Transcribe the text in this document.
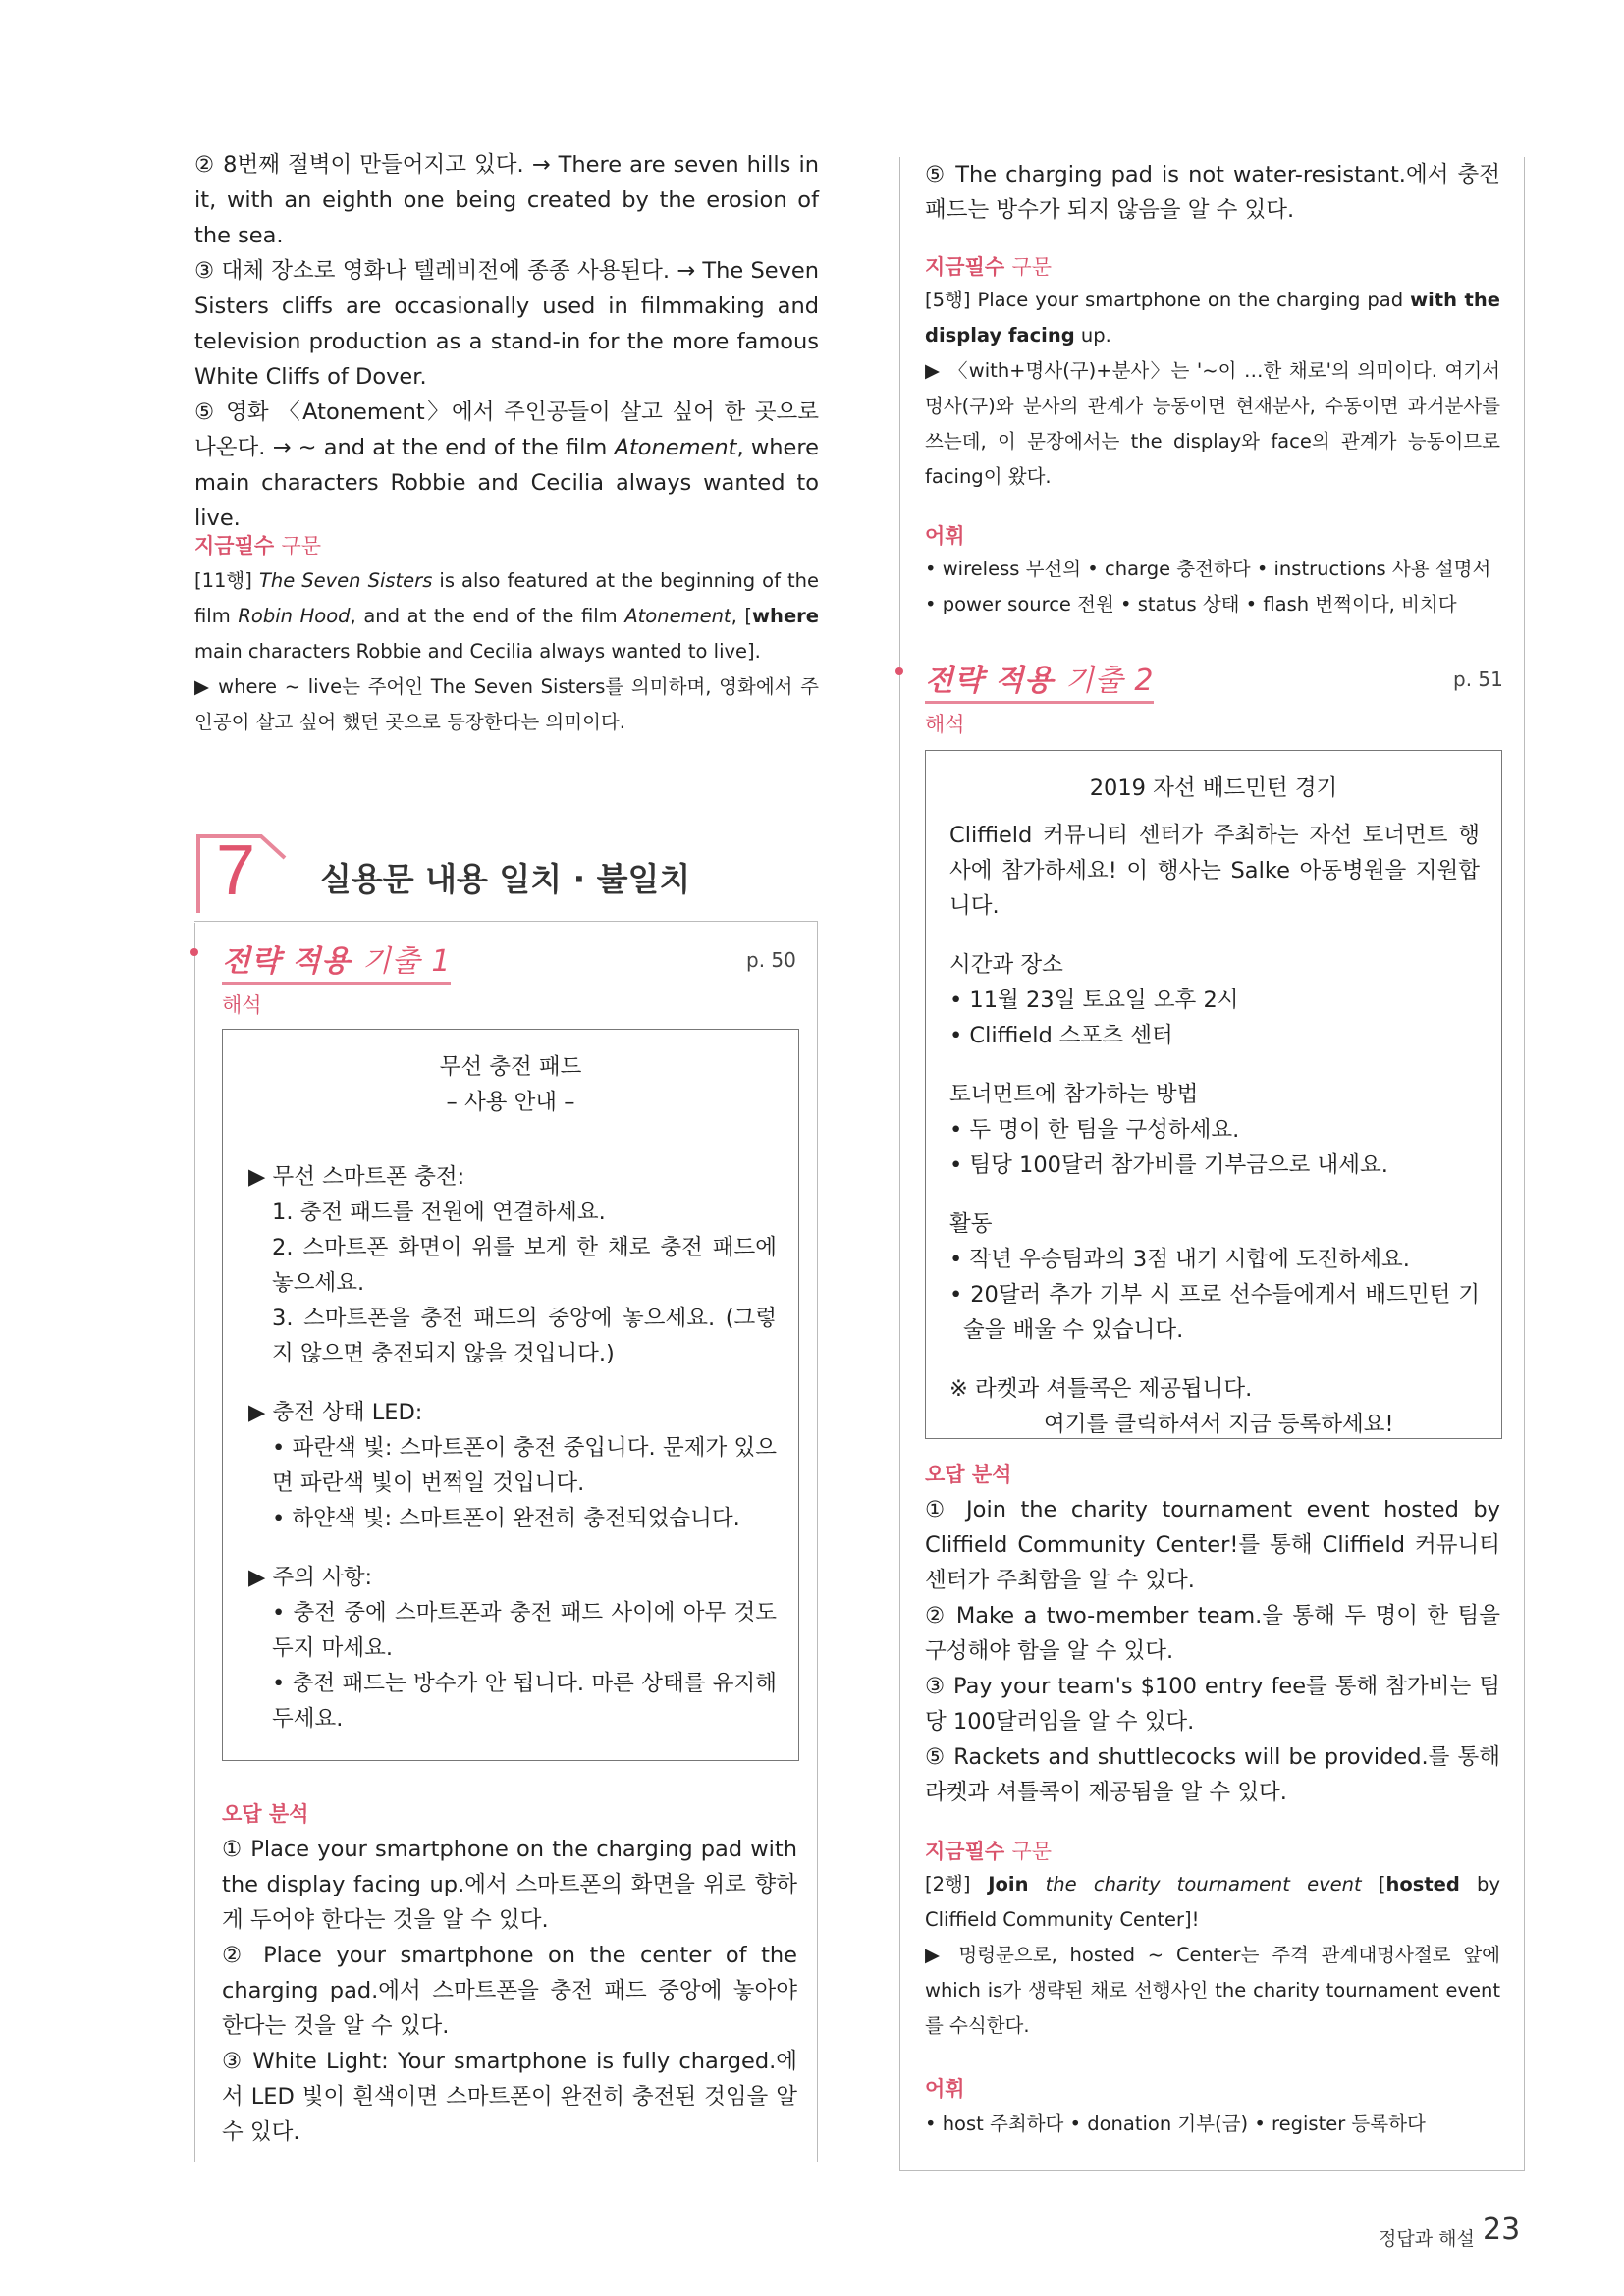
② 8번째 절벽이 만들어지고 있다. → There are seven hills in it, with an eighth one being created by the erosion of the sea.

③ 대체 장소로 영화나 텔레비전에 종종 사용된다. → The Seven Sisters cliffs are occasionally used in filmmaking and television production as a stand-in for the more famous White Cliffs of Dover.

⑤ 영화 〈Atonement〉에서 주인공들이 살고 싶어 한 곳으로 나온다. → ~ and at the end of the film Atonement, where main characters Robbie and Cecilia always wanted to live.

지금필수 구문
[11행] The Seven Sisters is also featured at the beginning of the film Robin Hood, and at the end of the film Atonement, [where main characters Robbie and Cecilia always wanted to live].
▶ where ~ live는 주어인 The Seven Sisters를 의미하며, 영화에서 주인공이 살고 싶어 했던 곳으로 등장한다는 의미이다.
7 실용문 내용 일치 · 불일치
전략 적용 기출 1	p. 50
해석
무선 충전 패드
– 사용 안내 –
▶ 무선 스마트폰 충전:
1. 충전 패드를 전원에 연결하세요.
2. 스마트폰 화면이 위를 보게 한 채로 충전 패드에 놓으세요.
3. 스마트폰을 충전 패드의 중앙에 놓으세요. (그렇지 않으면 충전되지 않을 것입니다.)
▶ 충전 상태 LED:
• 파란색 빛: 스마트폰이 충전 중입니다. 문제가 있으면 파란색 빛이 번쩍일 것입니다.
• 하얀색 빛: 스마트폰이 완전히 충전되었습니다.
▶ 주의 사항:
• 충전 중에 스마트폰과 충전 패드 사이에 아무 것도 두지 마세요.
• 충전 패드는 방수가 안 됩니다. 마른 상태를 유지해 두세요.
오답 분석

① Place your smartphone on the charging pad with the display facing up.에서 스마트폰의 화면을 위로 향하게 두어야 한다는 것을 알 수 있다.

② Place your smartphone on the center of the charging pad.에서 스마트폰을 충전 패드 중앙에 놓아야 한다는 것을 알 수 있다.

③ White Light: Your smartphone is fully charged.에서 LED 빛이 흰색이면 스마트폰이 완전히 충전된 것임을 알 수 있다.

⑤ The charging pad is not water-resistant.에서 충전 패드는 방수가 되지 않음을 알 수 있다.
지금필수 구문
[5행] Place your smartphone on the charging pad with the display facing up.
▶ 〈with+명사(구)+분사〉는 '~이 …한 채로'의 의미이다. 여기서 명사(구)와 분사의 관계가 능동이면 현재분사, 수동이면 과거분사를 쓰는데, 이 문장에서는 the display와 face의 관계가 능동이므로 facing이 왔다.
어휘
• wireless 무선의 • charge 충전하다 • instructions 사용 설명서
• power source 전원 • status 상태 • flash 번쩍이다, 비치다
전략 적용 기출 2	p. 51
해석
2019 자선 배드민턴 경기
Cliffield 커뮤니티 센터가 주최하는 자선 토너먼트 행사에 참가하세요! 이 행사는 Salke 아동병원을 지원합니다.
시간과 장소
• 11월 23일 토요일 오후 2시
• Cliffield 스포츠 센터
토너먼트에 참가하는 방법
• 두 명이 한 팀을 구성하세요.
• 팀당 100달러 참가비를 기부금으로 내세요.
활동
• 작년 우승팀과의 3점 내기 시합에 도전하세요.
• 20달러 추가 기부 시 프로 선수들에게서 배드민턴 기술을 배울 수 있습니다.
※ 라켓과 셔틀콕은 제공됩니다.
여기를 클릭하셔서 지금 등록하세요!
오답 분석

① Join the charity tournament event hosted by Cliffield Community Center!를 통해 Cliffield 커뮤니티 센터가 주최함을 알 수 있다.

② Make a two-member team.을 통해 두 명이 한 팀을 구성해야 함을 알 수 있다.

③ Pay your team's $100 entry fee를 통해 참가비는 팀당 100달러임을 알 수 있다.

⑤ Rackets and shuttlecocks will be provided.를 통해 라켓과 셔틀콕이 제공됨을 알 수 있다.

지금필수 구문
[2행] Join the charity tournament event [hosted by Cliffield Community Center]!
▶ 명령문으로, hosted ~ Center는 주격 관계대명사절로 앞에 which is가 생략된 채로 선행사인 the charity tournament event를 수식한다.
어휘
• host 주최하다 • donation 기부(금) • register 등록하다
정답과 해설 23
